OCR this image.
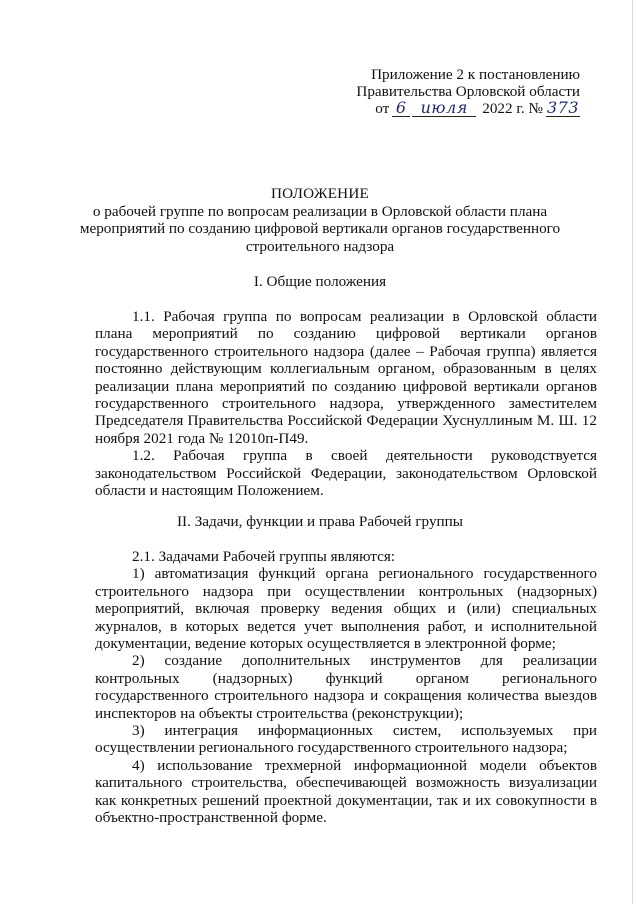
Приложение 2 к постановлению
Правительства Орловской области
от 6 июля 2022 г. № 373
ПОЛОЖЕНИЕ
о рабочей группе по вопросам реализации в Орловской области плана
мероприятий по созданию цифровой вертикали органов государственного
строительного надзора
I. Общие положения

1.1. Рабочая группа по вопросам реализации в Орловской области плана мероприятий по созданию цифровой вертикали органов государственного строительного надзора (далее – Рабочая группа) является постоянно действующим коллегиальным органом, образованным в целях реализации плана мероприятий по созданию цифровой вертикали органов государственного строительного надзора, утвержденного заместителем Председателя Правительства Российской Федерации Хуснуллиным М. Ш. 12 ноября 2021 года № 12010п-П49.

1.2. Рабочая группа в своей деятельности руководствуется законодательством Российской Федерации, законодательством Орловской области и настоящим Положением.

II. Задачи, функции и права Рабочей группы

2.1. Задачами Рабочей группы являются:

1) автоматизация функций органа регионального государственного строительного надзора при осуществлении контрольных (надзорных) мероприятий, включая проверку ведения общих и (или) специальных журналов, в которых ведется учет выполнения работ, и исполнительной документации, ведение которых осуществляется в электронной форме;

2) создание дополнительных инструментов для реализации контрольных (надзорных) функций органом регионального государственного строительного надзора и сокращения количества выездов инспекторов на объекты строительства (реконструкции);

3) интеграция информационных систем, используемых при осуществлении регионального государственного строительного надзора;

4) использование трехмерной информационной модели объектов капитального строительства, обеспечивающей возможность визуализации как конкретных решений проектной документации, так и их совокупности в объектно-пространственной форме.
